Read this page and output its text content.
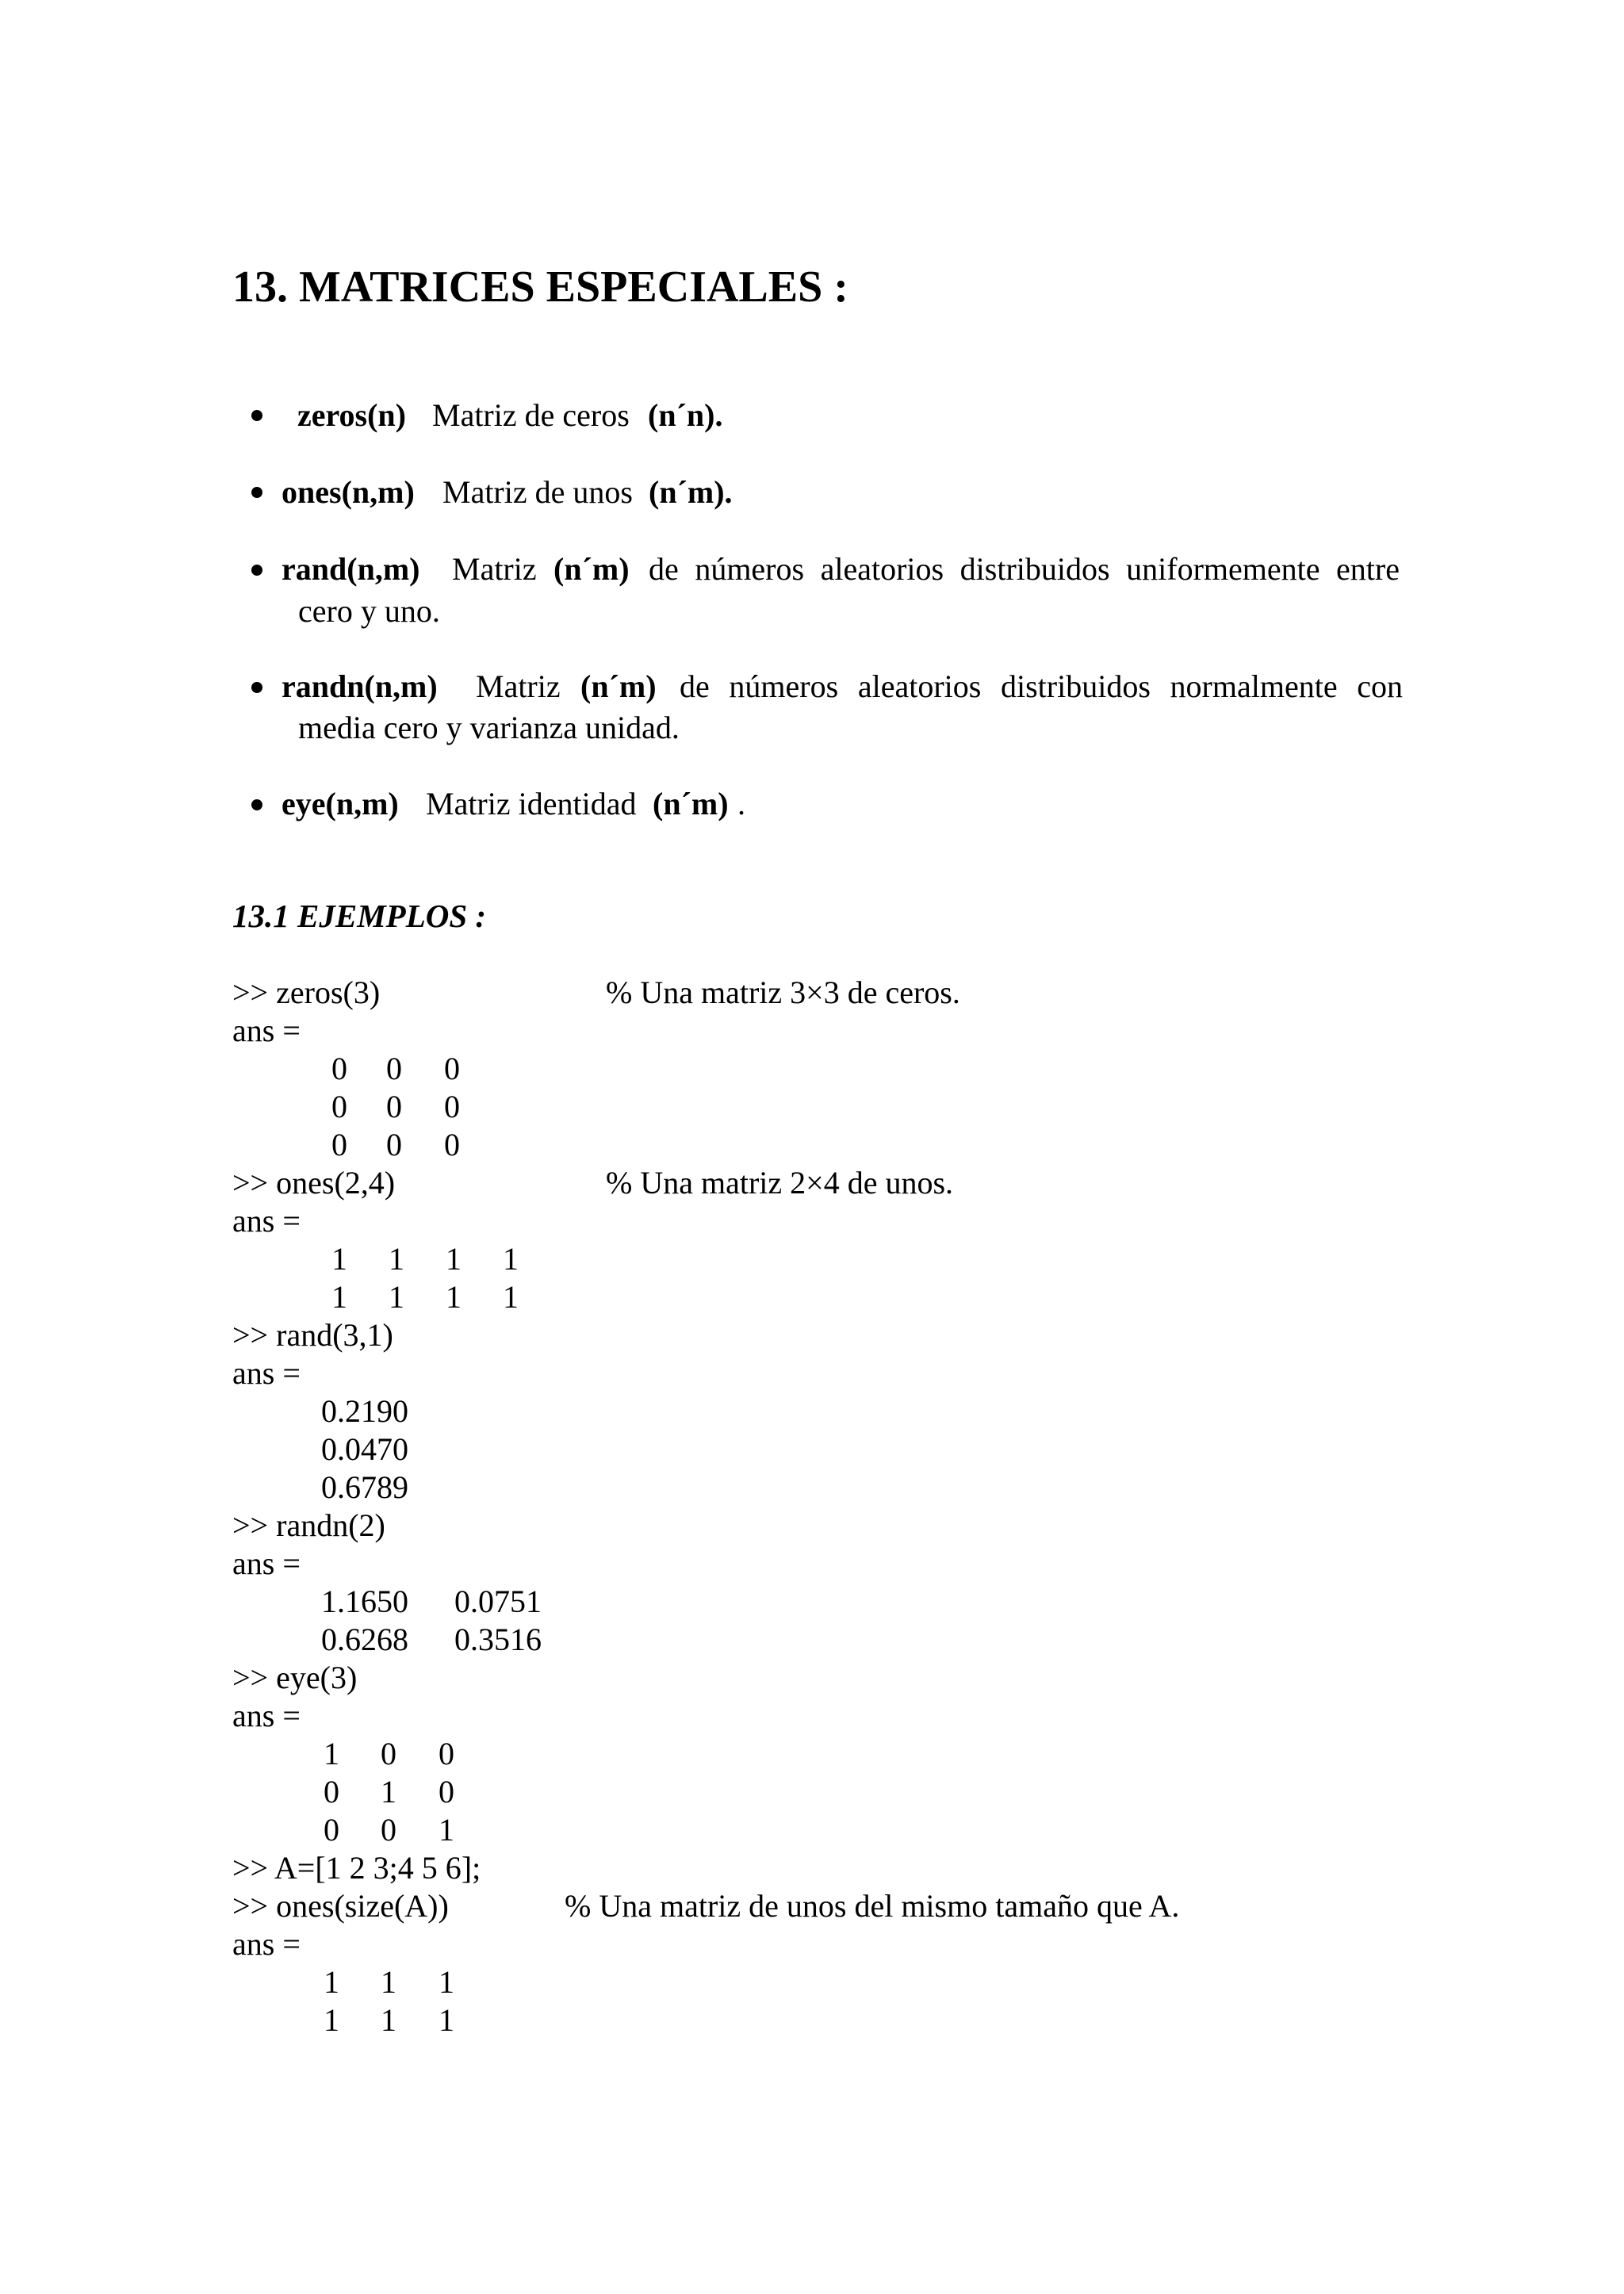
13. MATRICES ESPECIALES :
zeros(n) Matriz de ceros (n´n).
ones(n,m) Matriz de unos (n´m).
rand(n,m) Matriz (n´m) de números aleatorios distribuidos uniformemente entre
cero y uno.
randn(n,m) Matriz (n´m) de números aleatorios distribuidos normalmente con
media cero y varianza unidad.
eye(n,m) Matriz identidad (n´m) .
13.1 EJEMPLOS :
>> zeros(3)	% Una matriz 3×3 de ceros.
ans =
0 0 0
0 0 0
0 0 0
>> ones(2,4)	% Una matriz 2×4 de unos.
ans =
1 1 1 1
1 1 1 1
>> rand(3,1)
ans =
0.2190
0.0470
0.6789
>> randn(2)
ans =
1.1650 0.0751
0.6268 0.3516
>> eye(3)
ans =
1 0 0
0 1 0
0 0 1
>> A=[1 2 3;4 5 6];
>> ones(size(A))	% Una matriz de unos del mismo tamaño que A.
ans =
1 1 1
1 1 1
